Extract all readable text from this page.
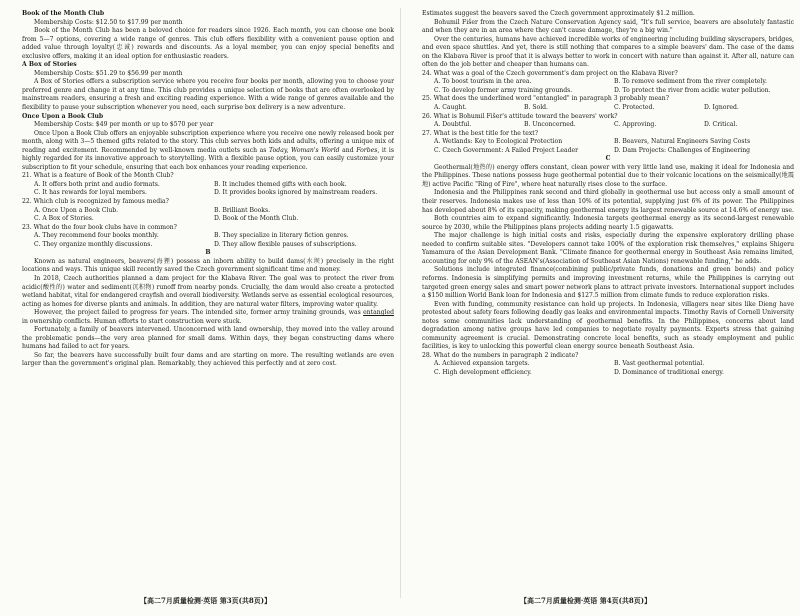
Book of the Month Club

Membership Costs: $12.50 to $17.99 per month

Book of the Month Club has been a beloved choice for readers since 1926. Each month, you can choose one book from 5—7 options, covering a wide range of genres. This club offers flexibility with a convenient pause option and added value through loyalty(忠诚) rewards and discounts. As a loyal member, you can enjoy special benefits and exclusive offers, making it an ideal option for enthusiastic readers.

A Box of Stories

Membership Costs: $51.29 to $56.99 per month

A Box of Stories offers a subscription service where you receive four books per month, allowing you to choose your preferred genre and change it at any time. This club provides a unique selection of books that are often overlooked by mainstream readers, ensuring a fresh and exciting reading experience. With a wide range of genres available and the flexibility to pause your subscription whenever you need, each surprise box delivery is a new adventure.

Once Upon a Book Club

Membership Costs: $49 per month or up to $570 per year

Once Upon a Book Club offers an enjoyable subscription experience where you receive one newly released book per month, along with 3—5 themed gifts related to the story. This club serves both kids and adults, offering a unique mix of reading and excitement. Recommended by well-known media outlets such as Today, Woman's World and Forbes, it is highly regarded for its innovative approach to storytelling. With a flexible pause option, you can easily customize your subscription to fit your schedule, ensuring that each box enhances your reading experience.

21. What is a feature of Book of the Month Club?

A. It offers both print and audio formats.	B. It includes themed gifts with each book.
C. It has rewards for loyal members.	D. It provides books ignored by mainstream readers.

22. Which club is recognized by famous media?

A. Once Upon a Book Club.	B. Brilliant Books.
C. A Box of Stories.	D. Book of the Month Club.

23. What do the four book clubs have in common?

A. They recommend four books monthly.	B. They specialize in literary fiction genres.
C. They organize monthly discussions.	D. They allow flexible pauses of subscriptions.

B

Known as natural engineers, beavers(海狸) possess an inborn ability to build dams(水坝) precisely in the right locations and ways. This unique skill recently saved the Czech government significant time and money.

In 2018, Czech authorities planned a dam project for the Klabava River. The goal was to protect the river from acidic(酸性的) water and sediment(沉积物) runoff from nearby ponds. Crucially, the dam would also create a protected wetland habitat, vital for endangered crayfish and overall biodiversity. Wetlands serve as essential ecological resources, acting as homes for diverse plants and animals. In addition, they are natural water filters, improving water quality.

However, the project failed to progress for years. The intended site, former army training grounds, was entangled in ownership conflicts. Human efforts to start construction were stuck.

Fortunately, a family of beavers intervened. Unconcerned with land ownership, they moved into the valley around the problematic ponds—the very area planned for small dams. Within days, they began constructing dams where humans had failed to act for years.

So far, the beavers have successfully built four dams and are starting on more. The resulting wetlands are even larger than the government's original plan. Remarkably, they achieved this perfectly and at zero cost.

Estimates suggest the beavers saved the Czech government approximately $1.2 million.

Bohumil Fišer from the Czech Nature Conservation Agency said, "It's full service, beavers are absolutely fantastic and when they are in an area where they can't cause damage, they're a big win."

Over the centuries, humans have achieved incredible works of engineering including building skyscrapers, bridges, and even space shuttles. And yet, there is still nothing that compares to a simple beavers' dam. The case of the dams on the Klabava River is proof that it is always better to work in concert with nature than against it. After all, nature can often do the job better and cheaper than humans can.

24. What was a goal of the Czech government's dam project on the Klabava River?

A. To boost tourism in the area.	B. To remove sediment from the river completely.
C. To develop former army training grounds.	D. To protect the river from acidic water pollution.

25. What does the underlined word "entangled" in paragraph 3 probably mean?

A. Caught.	B. Sold.	C. Protected.	D. Ignored.

26. What is Bohumil Fišer's attitude toward the beavers' work?

A. Doubtful.	B. Unconcerned.	C. Approving.	D. Critical.

27. What is the best title for the text?

A. Wetlands: Key to Ecological Protection	B. Beavers, Natural Engineers Saving Costs
C. Czech Government: A Failed Project Leader	D. Dam Projects: Challenges of Engineering

C

Geothermal(地热的) energy offers constant, clean power with very little land use, making it ideal for Indonesia and the Philippines. These nations possess huge geothermal potential due to their volcanic locations on the seismically(地震地) active Pacific "Ring of Fire", where heat naturally rises close to the surface.

Indonesia and the Philippines rank second and third globally in geothermal use but access only a small amount of their reserves. Indonesia makes use of less than 10% of its potential, supplying just 6% of its power. The Philippines has developed about 8% of its capacity, making geothermal energy its largest renewable source at 14.6% of energy use.

Both countries aim to expand significantly. Indonesia targets geothermal energy as its second-largest renewable source by 2030, while the Philippines plans projects adding nearly 1.5 gigawatts.

The major challenge is high initial costs and risks, especially during the expensive exploratory drilling phase needed to confirm suitable sites. "Developers cannot take 100% of the exploration risk themselves," explains Shigeru Yamamura of the Asian Development Bank. "Climate finance for geothermal energy in Southeast Asia remains limited, accounting for only 9% of the ASEAN's(Association of Southeast Asian Nations) renewable funding," he adds.

Solutions include integrated finance(combining public/private funds, donations and green bonds) and policy reforms. Indonesia is simplifying permits and improving investment returns, while the Philippines is carrying out targeted green energy sales and smart power network plans to attract private investors. International support includes a $150 million World Bank loan for Indonesia and $127.5 million from climate funds to reduce exploration risks.

Even with funding, community resistance can hold up projects. In Indonesia, villagers near sites like Dieng have protested about safety fears following deadly gas leaks and environmental impacts. Timothy Ravis of Cornell University notes some communities lack understanding of geothermal benefits. In the Philippines, concerns about land degradation among native groups have led companies to negotiate royalty payments. Experts stress that gaining community agreement is crucial. Demonstrating concrete local benefits, such as steady employment and public facilities, is key to unlocking this powerful clean energy source beneath Southeast Asia.

28. What do the numbers in paragraph 2 indicate?

A. Achieved expansion targets.	B. Vast geothermal potential.
C. High development efficiency.	D. Dominance of traditional energy.
【高二7月质量检测·英语 第3页(共8页)】	【高二7月质量检测·英语 第4页(共8页)】
